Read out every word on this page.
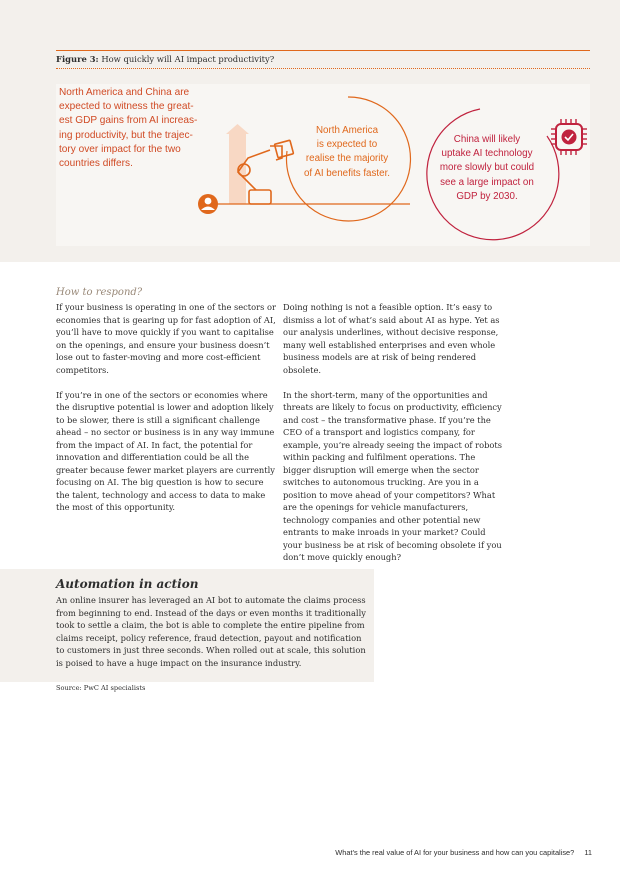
Figure 3: How quickly will AI impact productivity?
North America and China are
expected to witness the great-
est GDP gains from AI increas-
ing productivity, but the trajec-
tory over impact for the two
countries differs.
North America
is expected to
realise the majority
of AI benefits faster.
China will likely
uptake AI technology
more slowly but could
see a large impact on
GDP by 2030.
How to respond?

If your business is operating in one of the sectors or economies that is gearing up for fast adoption of AI, you’ll have to move quickly if you want to capitalise on the openings, and ensure your business doesn’t lose out to faster-moving and more cost-efficient competitors.

If you’re in one of the sectors or economies where the disruptive potential is lower and adoption likely to be slower, there is still a significant challenge ahead – no sector or business is in any way immune from the impact of AI. In fact, the potential for innovation and differentiation could be all the greater because fewer market players are currently focusing on AI. The big question is how to secure the talent, technology and access to data to make the most of this opportunity.

Doing nothing is not a feasible option. It’s easy to dismiss a lot of what’s said about AI as hype. Yet as our analysis underlines, without decisive response, many well established enterprises and even whole business models are at risk of being rendered obsolete.

In the short-term, many of the opportunities and threats are likely to focus on productivity, efficiency and cost – the transformative phase. If you’re the CEO of a transport and logistics company, for example, you’re already seeing the impact of robots within packing and fulfilment operations. The bigger disruption will emerge when the sector switches to autonomous trucking. Are you in a position to move ahead of your competitors? What are the openings for vehicle manufacturers, technology companies and other potential new entrants to make inroads in your market? Could your business be at risk of becoming obsolete if you don’t move quickly enough?

Automation in action
An online insurer has leveraged an AI bot to automate the claims process from beginning to end. Instead of the days or even months it traditionally took to settle a claim, the bot is able to complete the entire pipeline from claims receipt, policy reference, fraud detection, payout and notification to customers in just three seconds. When rolled out at scale, this solution is poised to have a huge impact on the insurance industry.
Source: PwC AI specialists
What’s the real value of AI for your business and how can you capitalise? 11
